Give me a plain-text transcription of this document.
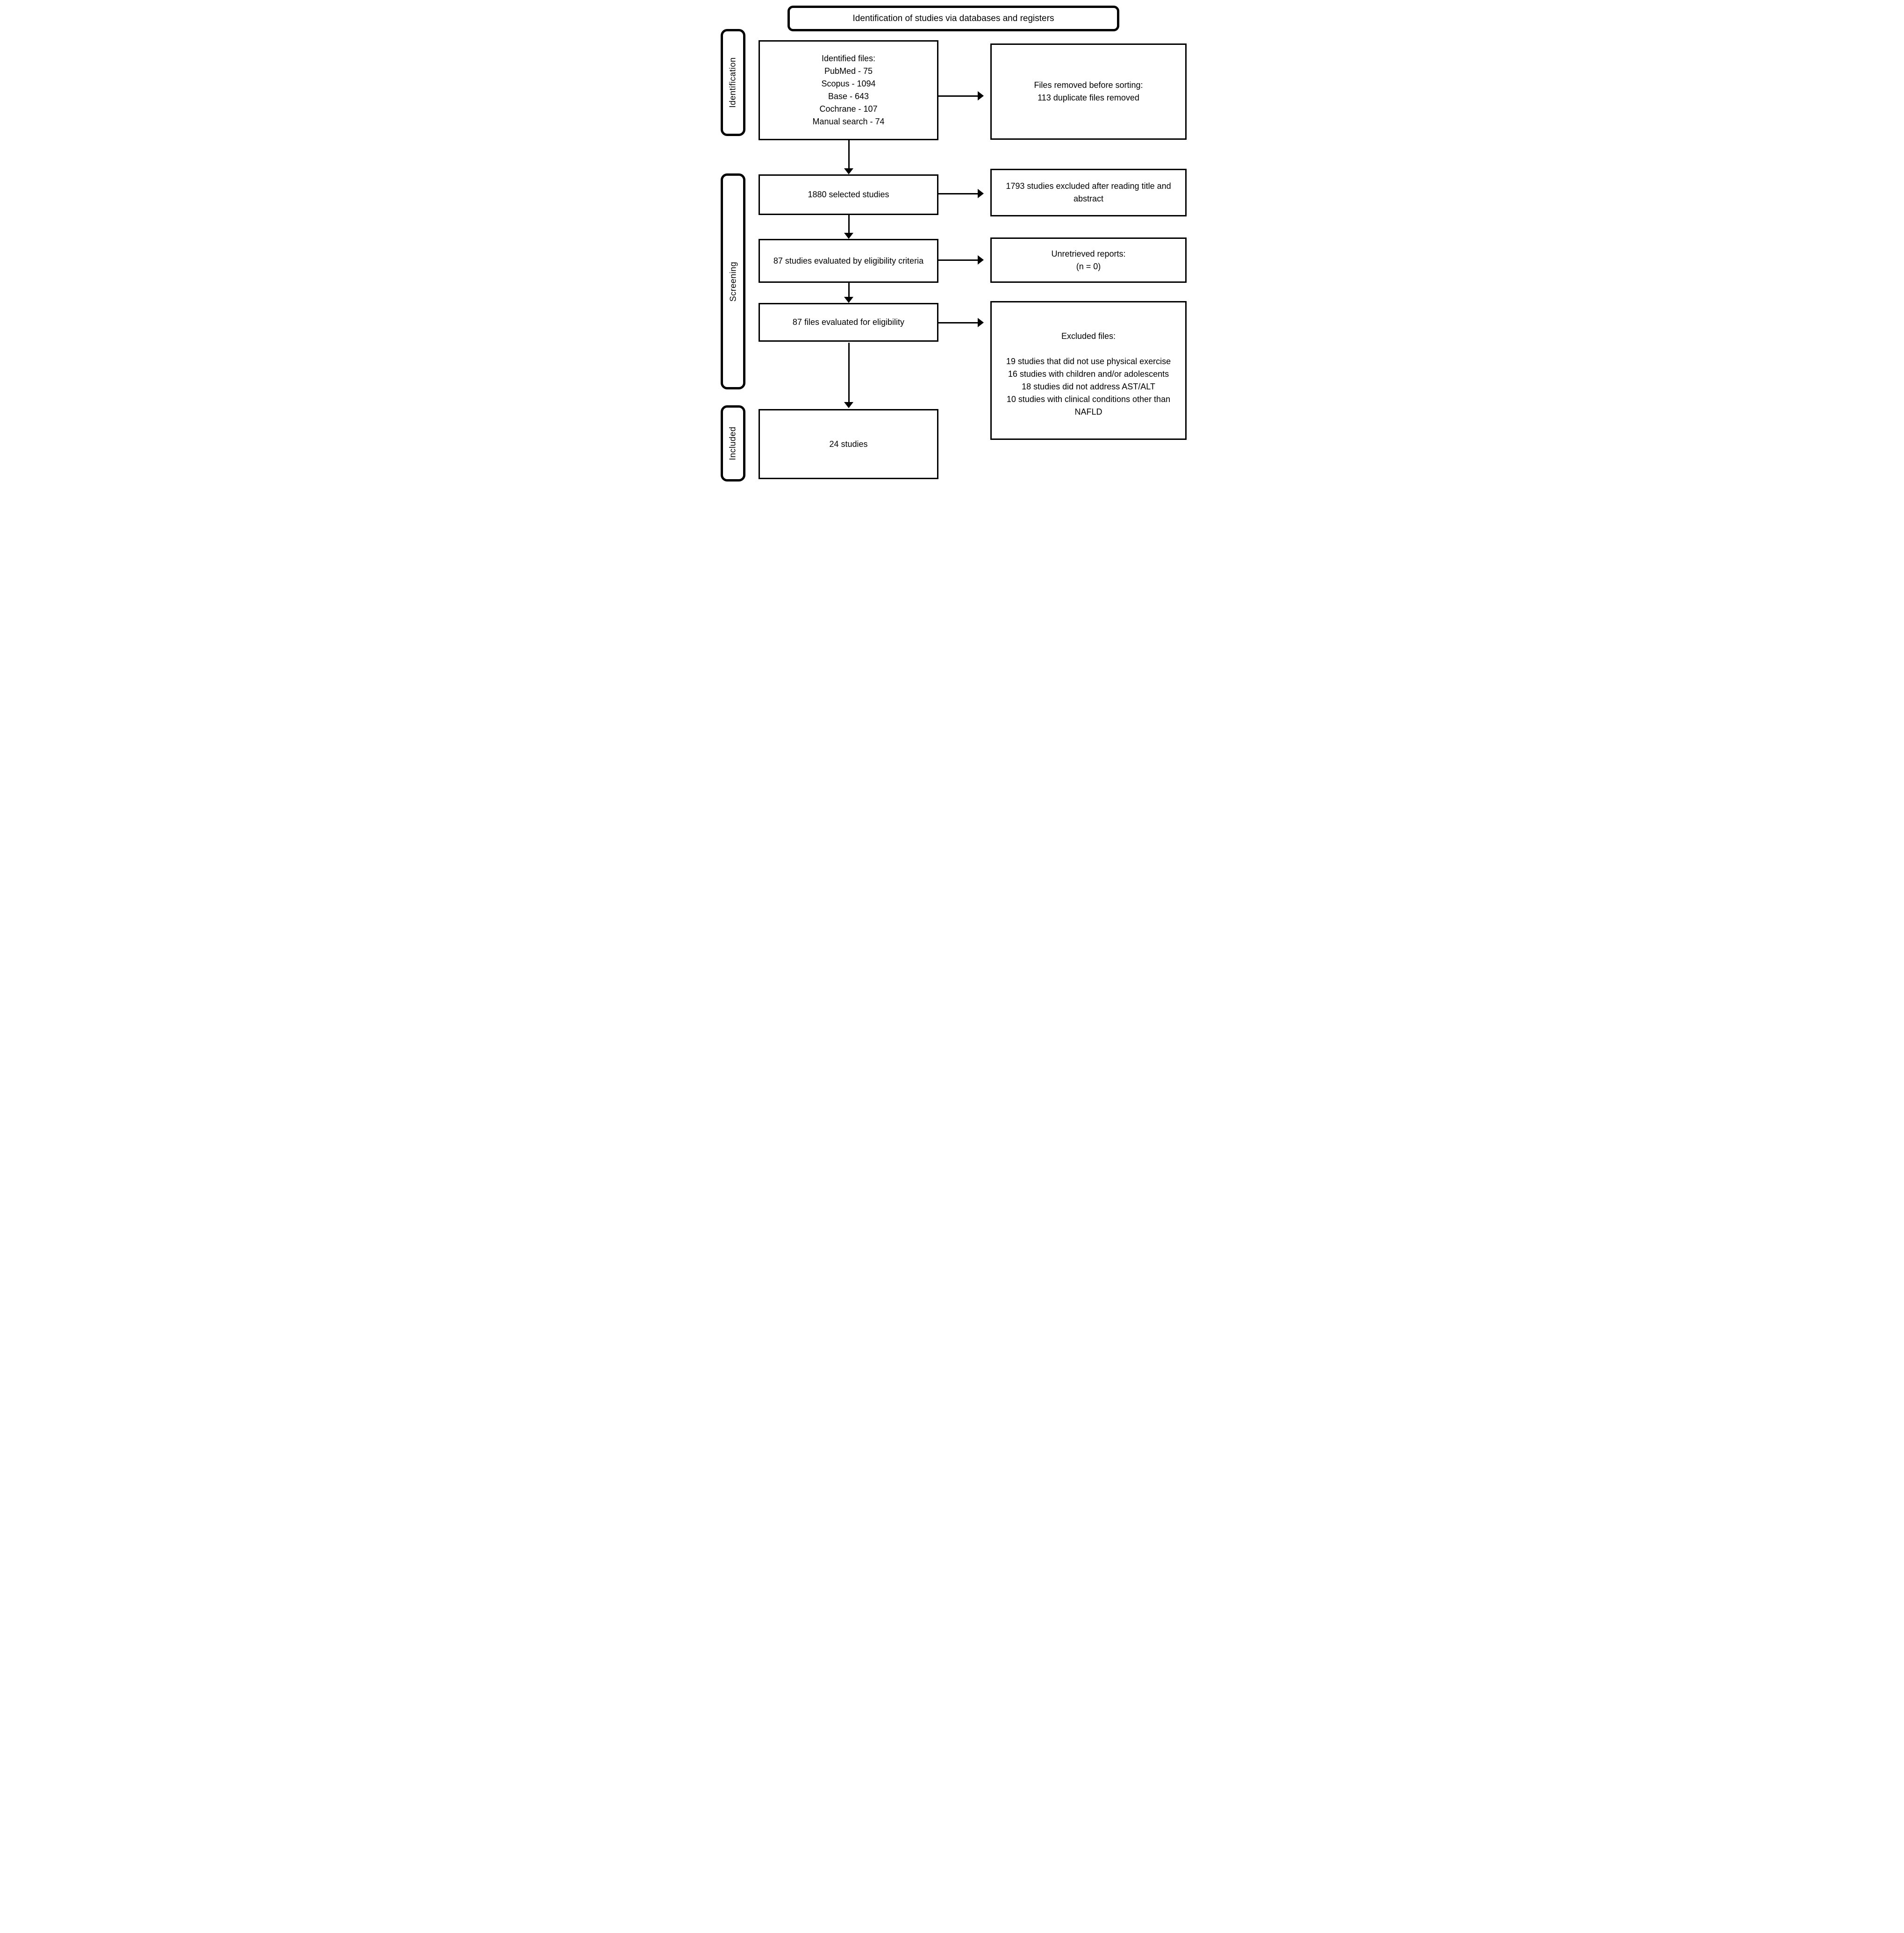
Identification of studies via databases and registers
Identification
Screening
Included
Identified files:
PubMed - 75
Scopus - 1094
Base - 643
Cochrane - 107
Manual search - 74
1880 selected studies
87 studies evaluated by eligibility criteria
87 files evaluated for eligibility
24 studies
Files removed before sorting:
113 duplicate files removed
1793 studies excluded after reading title and abstract
Unretrieved reports:
(n = 0)
Excluded files:
19 studies that did not use physical exercise
16 studies with children and/or adolescents
18 studies did not address AST/ALT
10 studies with clinical conditions other than NAFLD
